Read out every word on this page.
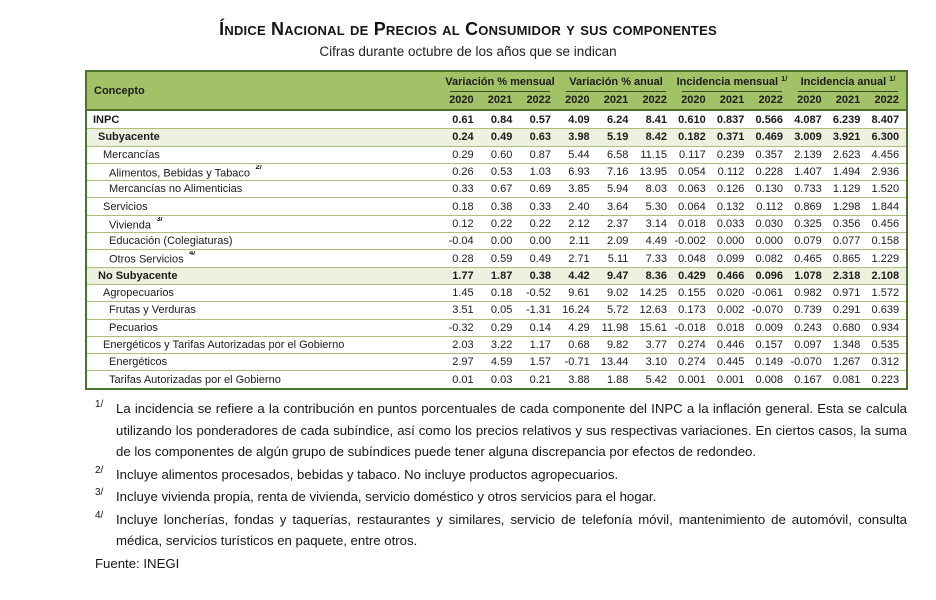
Índice Nacional de Precios al Consumidor y sus componentes
Cifras durante octubre de los años que se indican
Concepto
Variación % mensual
2020	2021	2022
Variación % anual
2020	2021	2022
Incidencia mensual $^{1/}$
2020	2021	2022
Incidencia anual $^{1/}$
2020	2021	2022
INPC	0.61	0.84	0.57	4.09	6.24	8.41	0.610	0.837	0.566	4.087	6.239	8.407
Subyacente	0.24	0.49	0.63	3.98	5.19	8.42	0.182	0.371	0.469	3.009	3.921	6.300
Mercancías	0.29	0.60	0.87	5.44	6.58	11.15	0.117	0.239	0.357	2.139	2.623	4.456
Alimentos, Bebidas y Tabaco $^{2/}$	0.26	0.53	1.03	6.93	7.16	13.95	0.054	0.112	0.228	1.407	1.494	2.936
Mercancías no Alimenticias	0.33	0.67	0.69	3.85	5.94	8.03	0.063	0.126	0.130	0.733	1.129	1.520
Servicios	0.18	0.38	0.33	2.40	3.64	5.30	0.064	0.132	0.112	0.869	1.298	1.844
Vivienda $^{3/}$	0.12	0.22	0.22	2.12	2.37	3.14	0.018	0.033	0.030	0.325	0.356	0.456
Educación (Colegiaturas)	-0.04	0.00	0.00	2.11	2.09	4.49 -0.002	0.000	0.000	0.079	0.077	0.158
Otros Servicios $^{4/}$	0.28	0.59	0.49	2.71	5.11	7.33	0.048	0.099	0.082	0.465	0.865	1.229
No Subyacente	1.77	1.87	0.38	4.42	9.47	8.36	0.429	0.466	0.096	1.078	2.318	2.108
Agropecuarios	1.45	0.18	-0.52	9.61	9.02	14.25	0.155	0.020 -0.061	0.982	0.971	1.572
Frutas y Verduras	3.51	0.05	-1.31	16.24	5.72	12.63	0.173	0.002 -0.070	0.739	0.291	0.639
Pecuarios	-0.32	0.29	0.14	4.29	11.98	15.61 -0.018	0.018	0.009	0.243	0.680	0.934
Energéticos y Tarifas Autorizadas por el Gobierno	2.03	3.22	1.17	0.68	9.82	3.77	0.274	0.446	0.157	0.097	1.348	0.535
Energéticos	2.97	4.59	1.57	-0.71	13.44	3.10	0.274	0.445	0.149 -0.070	1.267	0.312
Tarifas Autorizadas por el Gobierno	0.01	0.03	0.21	3.88	1.88	5.42	0.001	0.001	0.008	0.167	0.081	0.223
1/ La incidencia se refiere a la contribución en puntos porcentuales de cada componente del INPC a la inflación general. Esta se calcula utilizando los ponderadores de cada subíndice, así como los precios relativos y sus respectivas variaciones. En ciertos casos, la suma de los componentes de algún grupo de subíndices puede tener alguna discrepancia por efectos de redondeo.
2/ Incluye alimentos procesados, bebidas y tabaco. No incluye productos agropecuarios.
3/ Incluye vivienda propia, renta de vivienda, servicio doméstico y otros servicios para el hogar.
4/ Incluye loncherías, fondas y taquerías, restaurantes y similares, servicio de telefonía móvil, mantenimiento de automóvil, consulta médica, servicios turísticos en paquete, entre otros.
Fuente: INEGI
